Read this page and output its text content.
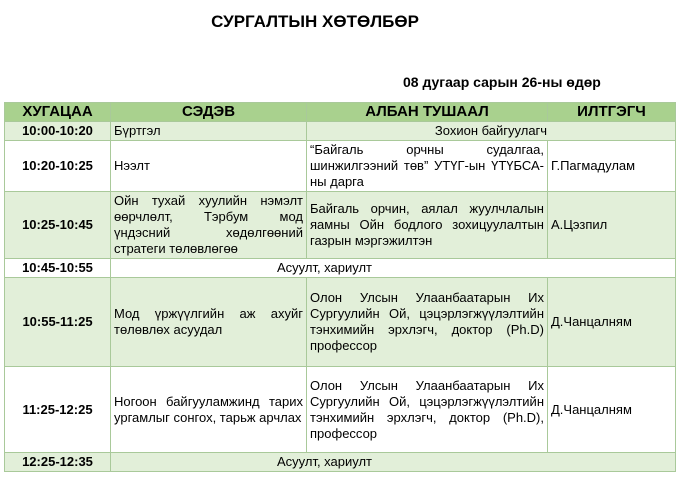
СУРГАЛТЫН ХӨТӨЛБӨР
08 дугаар сарын 26-ны өдөр
ХУГАЦАА	СЭДЭВ	АЛБАН ТУШААЛ	ИЛТГЭГЧ
10:00-10:20	Бүртгэл	Зохион байгуулагч	
10:20-10:25	Нээлт	“Байгаль орчны судалгаа, шинжилгээний төв” УТҮГ-ын ҮТҮБСА-ны дарга	Г.Пагмадулам
10:25-10:45	Ойн тухай хуулийн нэмэлт өөрчлөлт, Тэрбум мод үндэсний хөдөлгөөний стратеги төлөвлөгөө	Байгаль орчин, аялал жуулчлалын яамны Ойн бодлого зохицуулалтын газрын мэргэжилтэн	А.Цэзпил
10:45-10:55	Асуулт, хариулт		
10:55-11:25	Мод үржүүлгийн аж ахуйг төлөвлөх асуудал	Олон Улсын Улаанбаатарын Их Сургуулийн Ой, цэцэрлэгжүүлэлтийн тэнхимийн эрхлэгч, доктор (Ph.D) профессор	Д.Чанцалням
11:25-12:25	Ногоон байгууламжинд тарих ургамлыг сонгох, тарьж арчлах	Олон Улсын Улаанбаатарын Их Сургуулийн Ой, цэцэрлэгжүүлэлтийн тэнхимийн эрхлэгч, доктор (Ph.D), профессор	Д.Чанцалням
12:25-12:35	Асуулт, хариулт		
